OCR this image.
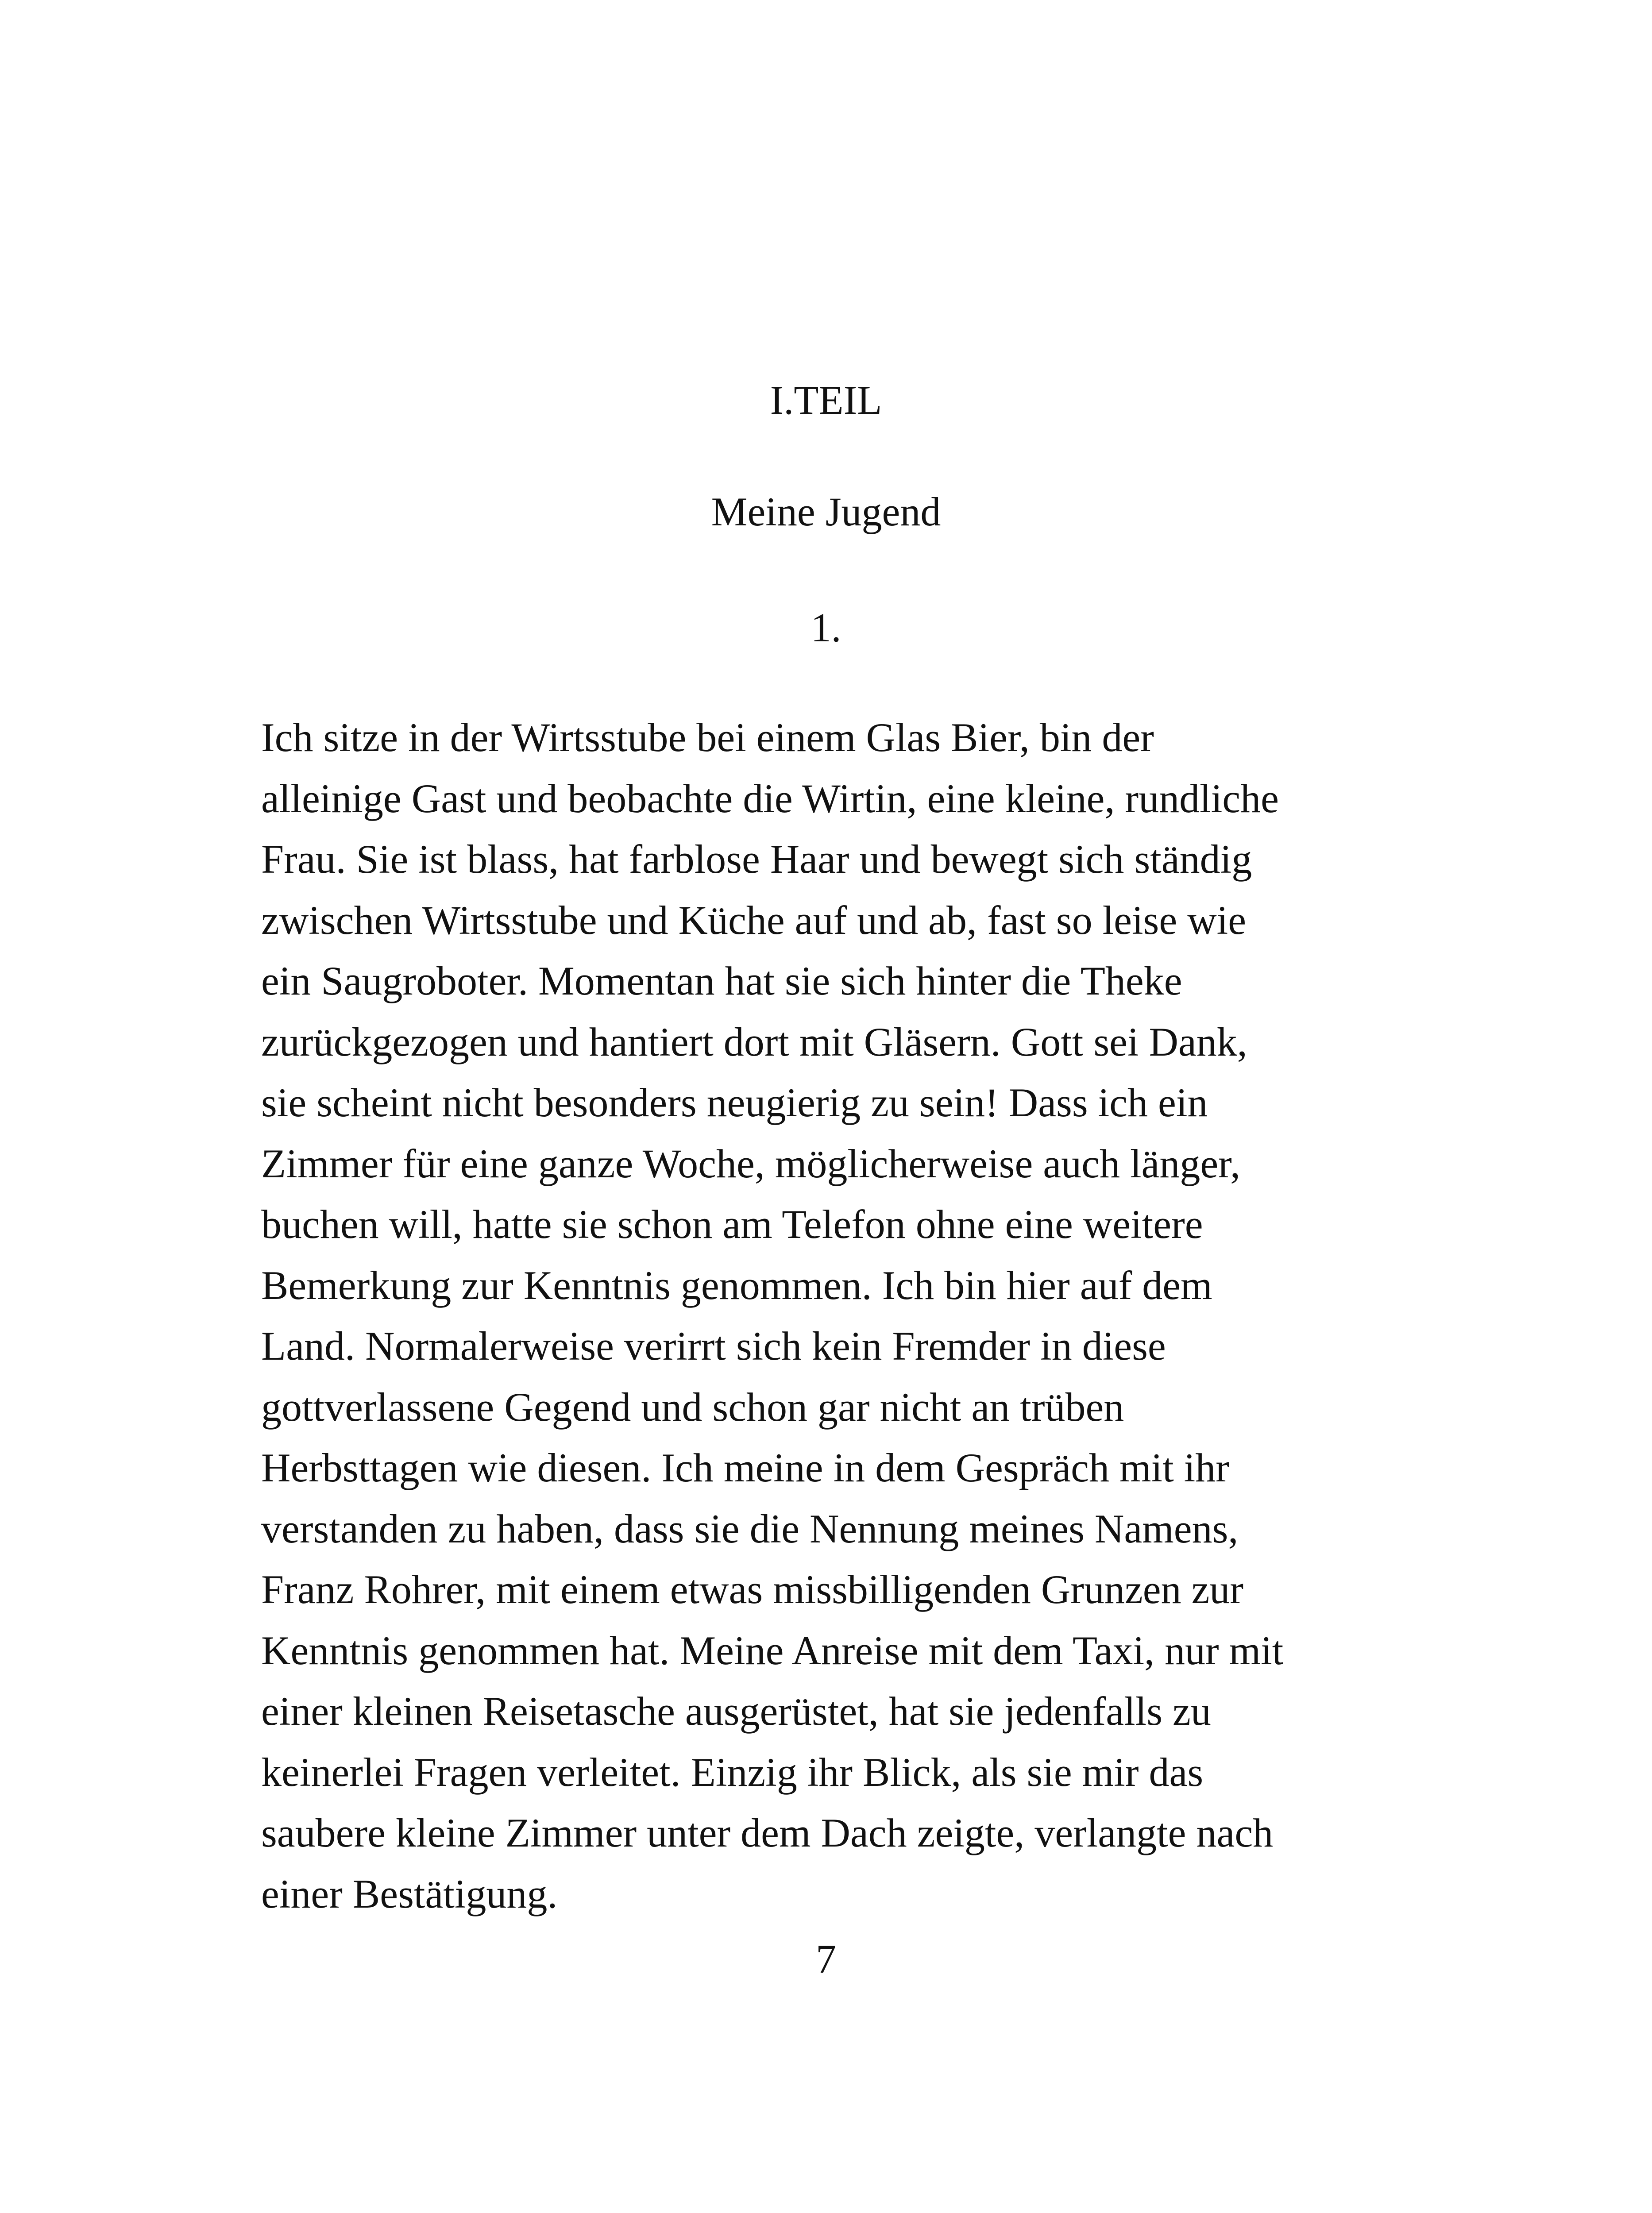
I.TEIL
Meine Jugend
1.
Ich sitze in der Wirtsstube bei einem Glas Bier, bin der
alleinige Gast und beobachte die Wirtin, eine kleine, rundliche
Frau. Sie ist blass, hat farblose Haar und bewegt sich ständig
zwischen Wirtsstube und Küche auf und ab, fast so leise wie
ein Saugroboter. Momentan hat sie sich hinter die Theke
zurückgezogen und hantiert dort mit Gläsern. Gott sei Dank,
sie scheint nicht besonders neugierig zu sein! Dass ich ein
Zimmer für eine ganze Woche, möglicherweise auch länger,
buchen will, hatte sie schon am Telefon ohne eine weitere
Bemerkung zur Kenntnis genommen. Ich bin hier auf dem
Land. Normalerweise verirrt sich kein Fremder in diese
gottverlassene Gegend und schon gar nicht an trüben
Herbsttagen wie diesen. Ich meine in dem Gespräch mit ihr
verstanden zu haben, dass sie die Nennung meines Namens,
Franz Rohrer, mit einem etwas missbilligenden Grunzen zur
Kenntnis genommen hat. Meine Anreise mit dem Taxi, nur mit
einer kleinen Reisetasche ausgerüstet, hat sie jedenfalls zu
keinerlei Fragen verleitet. Einzig ihr Blick, als sie mir das
saubere kleine Zimmer unter dem Dach zeigte, verlangte nach
einer Bestätigung.
7
